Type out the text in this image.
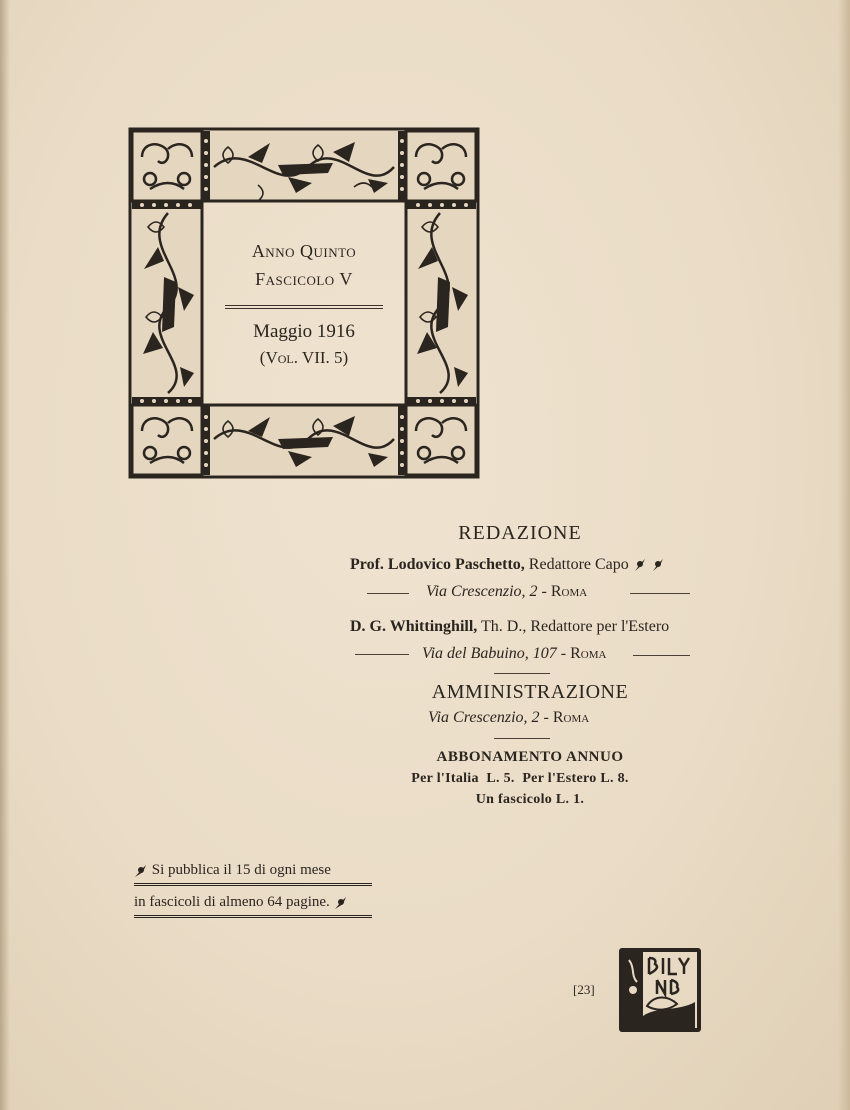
Anno Quinto
Fascicolo V
Maggio 1916
(Vol. VII. 5)
REDAZIONE
Prof. Lodovico Paschetto, Redattore Capo
Via Crescenzio, 2 - Roma
D. G. Whittinghill, Th. D., Redattore per l'Estero
Via del Babuino, 107 - Roma
AMMINISTRAZIONE
Via Crescenzio, 2 - Roma
ABBONAMENTO ANNUO
Per l'Italia  L. 5.  Per l'Estero L. 8.
Un fascicolo L. 1.
Si pubblica il 15 di ogni mese
in fascicoli di almeno 64 pagine.
[23]
